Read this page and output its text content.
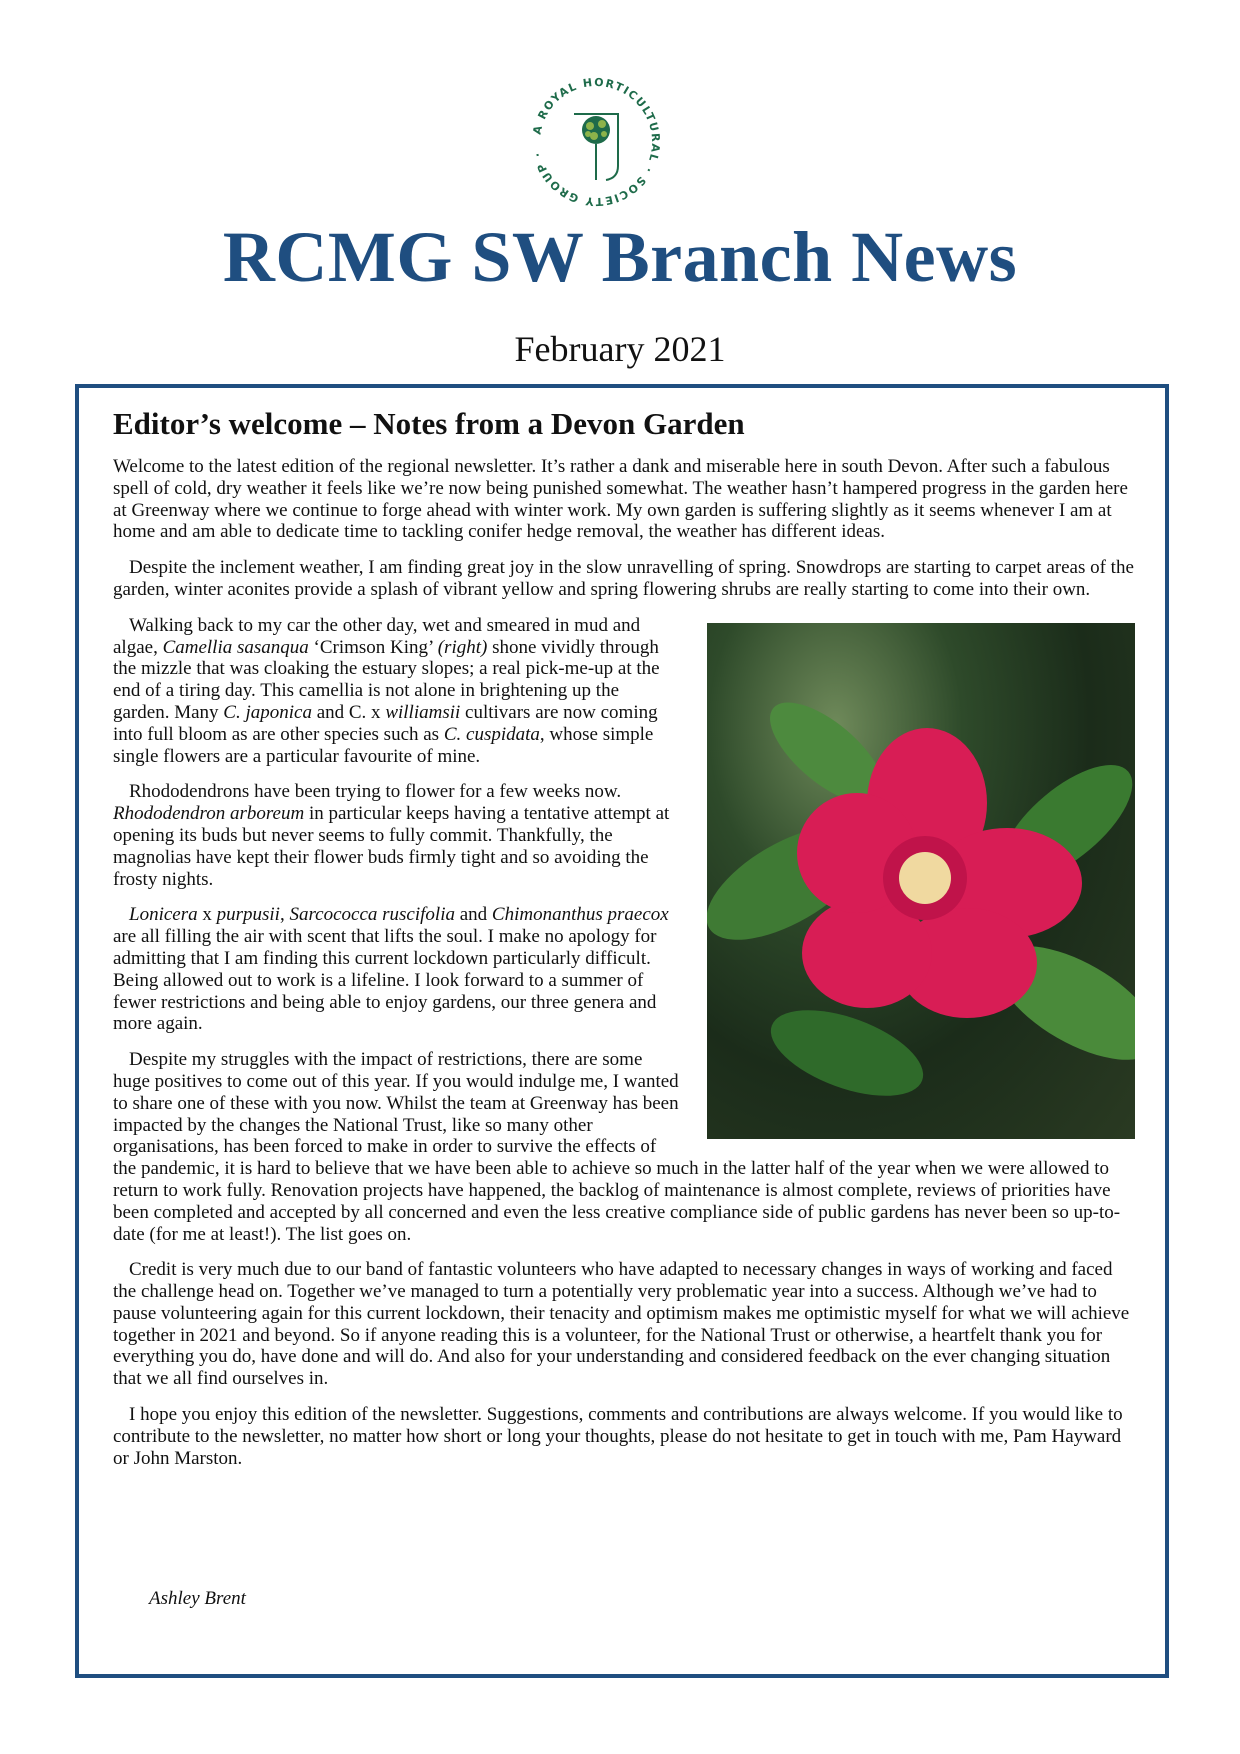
A ROYAL HORTICULTURAL · SOCIETY GROUP ·
RCMG SW Branch News
February 2021
Editor’s welcome – Notes from a Devon Garden

Welcome to the latest edition of the regional newsletter. It’s rather a dank and miserable here in south Devon. After such a fabulous spell of cold, dry weather it feels like we’re now being punished somewhat. The weather hasn’t hampered progress in the garden here at Greenway where we continue to forge ahead with winter work. My own garden is suffering slightly as it seems whenever I am at home and am able to dedicate time to tackling conifer hedge removal, the weather has different ideas.

Despite the inclement weather, I am finding great joy in the slow unravelling of spring. Snowdrops are starting to carpet areas of the garden, winter aconites provide a splash of vibrant yellow and spring flowering shrubs are really starting to come into their own.

Walking back to my car the other day, wet and smeared in mud and algae, Camellia sasanqua ‘Crimson King’ (right) shone vividly through the mizzle that was cloaking the estuary slopes; a real pick-me-up at the end of a tiring day. This camellia is not alone in brightening up the garden. Many C. japonica and C. x williamsii cultivars are now coming into full bloom as are other species such as C. cuspidata, whose simple single flowers are a particular favourite of mine.

Rhododendrons have been trying to flower for a few weeks now. Rhododendron arboreum in particular keeps having a tentative attempt at opening its buds but never seems to fully commit. Thankfully, the magnolias have kept their flower buds firmly tight and so avoiding the frosty nights.

Lonicera x purpusii, Sarcococca ruscifolia and Chimonanthus praecox are all filling the air with scent that lifts the soul. I make no apology for admitting that I am finding this current lockdown particularly difficult. Being allowed out to work is a lifeline. I look forward to a summer of fewer restrictions and being able to enjoy gardens, our three genera and more again.

Despite my struggles with the impact of restrictions, there are some huge positives to come out of this year. If you would indulge me, I wanted to share one of these with you now. Whilst the team at Greenway has been impacted by the changes the National Trust, like so many other organisations, has been forced to make in order to survive the effects of the pandemic, it is hard to believe that we have been able to achieve so much in the latter half of the year when we were allowed to return to work fully. Renovation projects have happened, the backlog of maintenance is almost complete, reviews of priorities have been completed and accepted by all concerned and even the less creative compliance side of public gardens has never been so up-to-date (for me at least!). The list goes on.

Credit is very much due to our band of fantastic volunteers who have adapted to necessary changes in ways of working and faced the challenge head on. Together we’ve managed to turn a potentially very problematic year into a success. Although we’ve had to pause volunteering again for this current lockdown, their tenacity and optimism makes me optimistic myself for what we will achieve together in 2021 and beyond. So if anyone reading this is a volunteer, for the National Trust or otherwise, a heartfelt thank you for everything you do, have done and will do. And also for your understanding and considered feedback on the ever changing situation that we all find ourselves in.

I hope you enjoy this edition of the newsletter. Suggestions, comments and contributions are always welcome. If you would like to contribute to the newsletter, no matter how short or long your thoughts, please do not hesitate to get in touch with me, Pam Hayward or John Marston.

Ashley Brent
